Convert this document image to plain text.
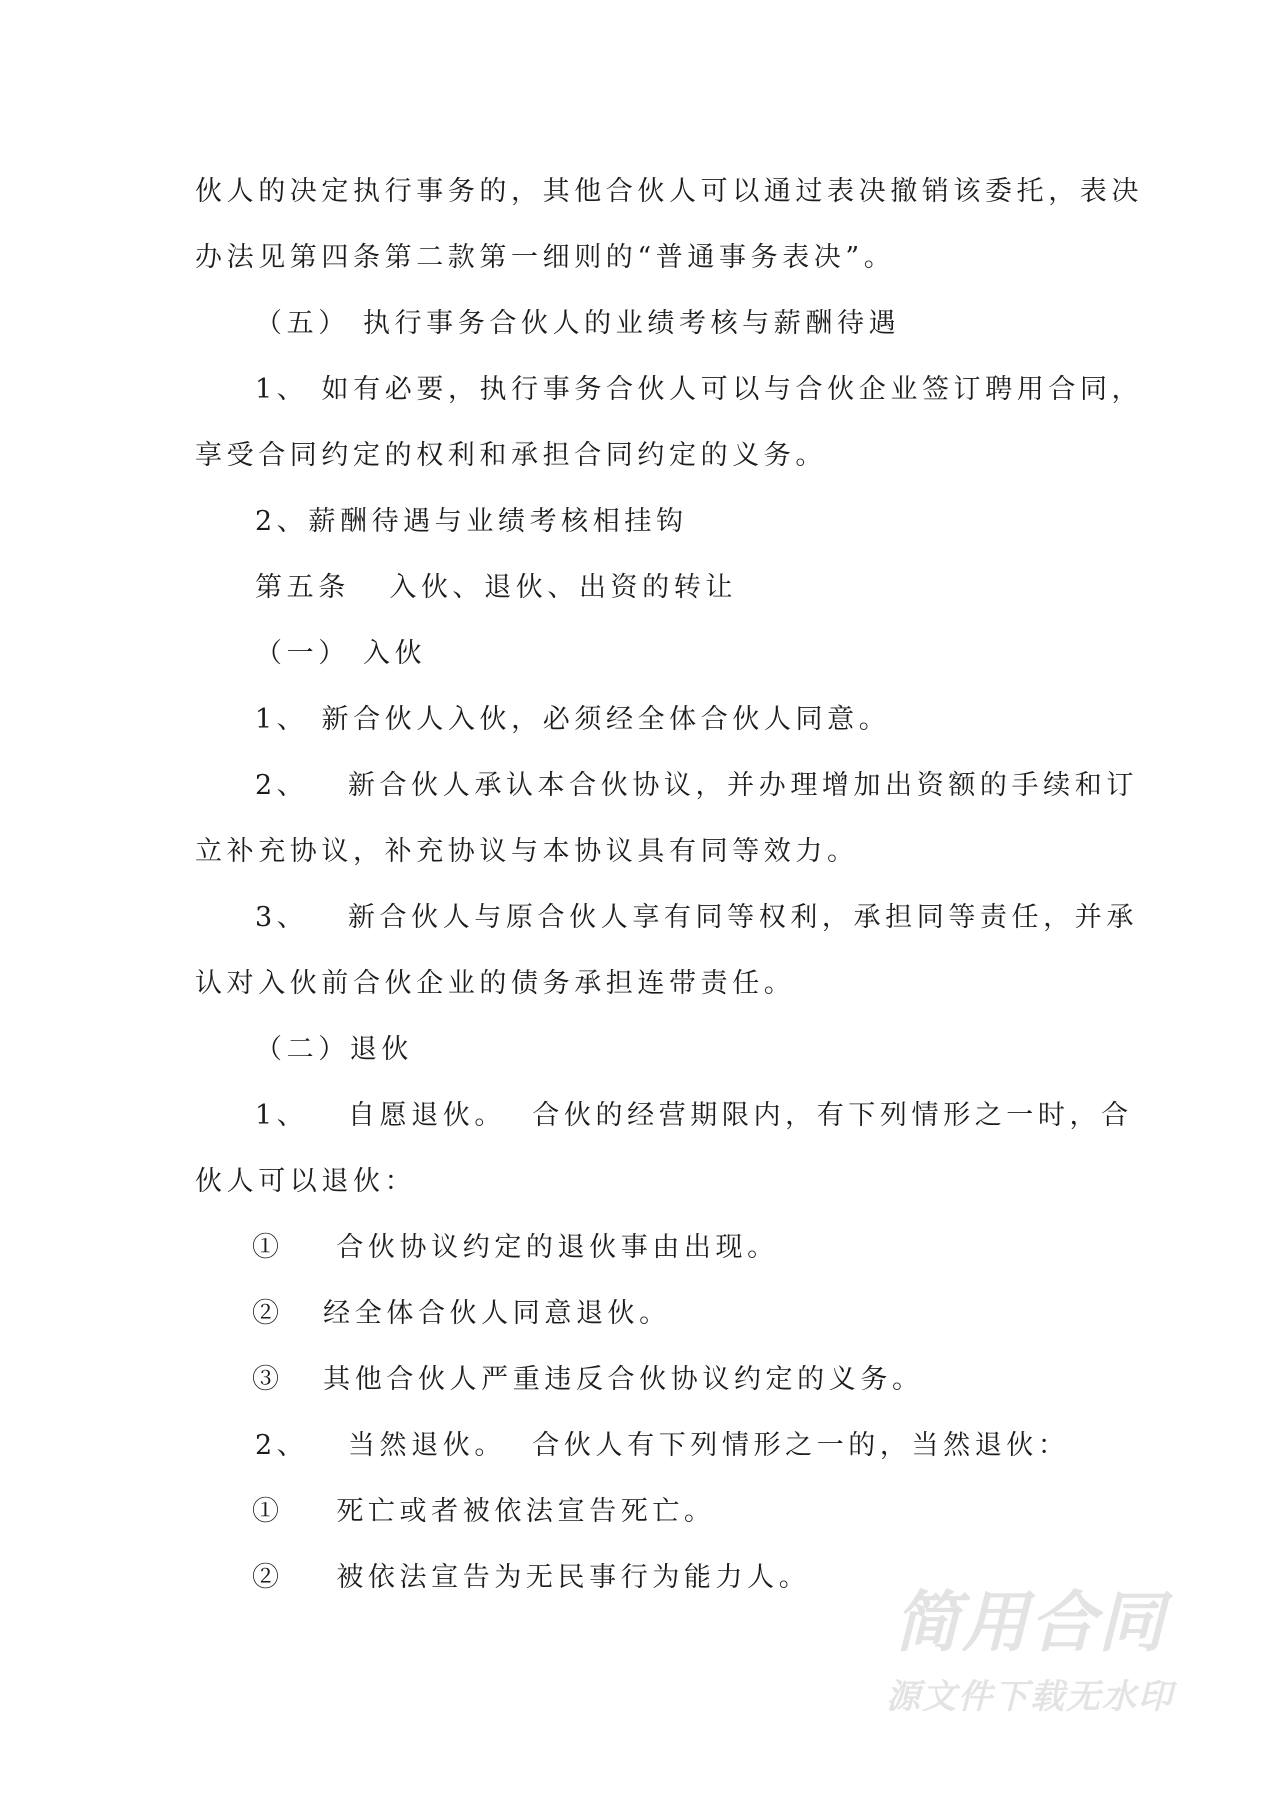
伙人的决定执行事务的，其他合伙人可以通过表决撤销该委托，表决
办法见第四条第二款第一细则的“普通事务表决”。
（五） 执行事务合伙人的业绩考核与薪酬待遇
1、 如有必要，执行事务合伙人可以与合伙企业签订聘用合同，
享受合同约定的权利和承担合同约定的义务。
2、薪酬待遇与业绩考核相挂钩
第五条   入伙、退伙、出资的转让
（一） 入伙
1、 新合伙人入伙，必须经全体合伙人同意。
2、   新合伙人承认本合伙协议，并办理增加出资额的手续和订
立补充协议，补充协议与本协议具有同等效力。
3、   新合伙人与原合伙人享有同等权利，承担同等责任，并承
认对入伙前合伙企业的债务承担连带责任。
（二）退伙
1、   自愿退伙。  合伙的经营期限内，有下列情形之一时，合
伙人可以退伙：
①    合伙协议约定的退伙事由出现。
②   经全体合伙人同意退伙。
③   其他合伙人严重违反合伙协议约定的义务。
2、   当然退伙。  合伙人有下列情形之一的，当然退伙：
①    死亡或者被依法宣告死亡。
②    被依法宣告为无民事行为能力人。
简用合同
源文件下载无水印
